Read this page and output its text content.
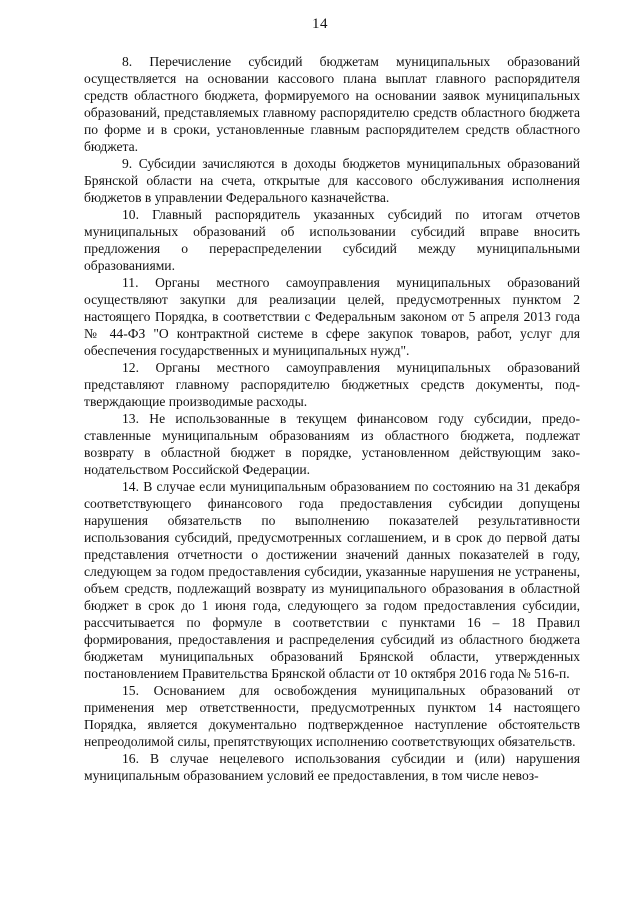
14

8. Перечисление субсидий бюджетам муниципальных образований осуществляется на основании кассового плана выплат главного распорядителя средств областного бюджета, формируемого на основании заявок муниципальных образований, представляемых главному распорядителю средств областного бюджета по форме и в сроки, установленные главным распорядителем средств областного бюджета.

9. Субсидии зачисляются в доходы бюджетов муниципальных образований Брянской области на счета, открытые для кассового обслуживания исполнения бюджетов в управлении Федерального казначейства.

10. Главный распорядитель указанных субсидий по итогам отчетов муниципальных образований об использовании субсидий вправе вносить предложения о перераспределении субсидий между муниципальными образованиями.

11. Органы местного самоуправления муниципальных образований осуществляют закупки для реализации целей, предусмотренных пунктом 2 настоящего Порядка, в соответствии с Федеральным законом от 5 апреля 2013 года № 44-ФЗ "О контрактной системе в сфере закупок товаров, работ, услуг для обеспечения государственных и муниципальных нужд".

12. Органы местного самоуправления муниципальных образований представляют главному распорядителю бюджетных средств документы, подтверждающие производимые расходы.

13. Не использованные в текущем финансовом году субсидии, предоставленные муниципальным образованиям из областного бюджета, подлежат возврату в областной бюджет в порядке, установленном действующим законодательством Российской Федерации.

14. В случае если муниципальным образованием по состоянию на 31 декабря соответствующего финансового года предоставления субсидии допущены нарушения обязательств по выполнению показателей результативности использования субсидий, предусмотренных соглашением, и в срок до первой даты представления отчетности о достижении значений данных показателей в году, следующем за годом предоставления субсидии, указанные нарушения не устранены, объем средств, подлежащий возврату из муниципального образования в областной бюджет в срок до 1 июня года, следующего за годом предоставления субсидии, рассчитывается по формуле в соответствии с пунктами 16 – 18 Правил формирования, предоставления и распределения субсидий из областного бюджета бюджетам муниципальных образований Брянской области, утвержденных постановлением Правительства Брянской области от 10 октября 2016 года № 516-п.

15. Основанием для освобождения муниципальных образований от применения мер ответственности, предусмотренных пунктом 14 настоящего Порядка, является документально подтвержденное наступление обстоятельств непреодолимой силы, препятствующих исполнению соответствующих обязательств.

16. В случае нецелевого использования субсидии и (или) нарушения муниципальным образованием условий ее предоставления, в том числе невоз-
